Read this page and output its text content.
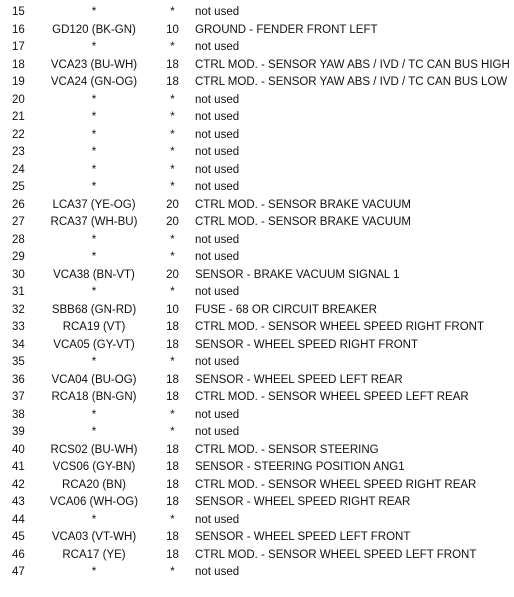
15	*	*	not used
16	GD120 (BK-GN)	10	GROUND - FENDER FRONT LEFT
17	*	*	not used
18	VCA23 (BU-WH)	18	CTRL MOD. - SENSOR YAW ABS / IVD / TC CAN BUS HIGH
19	VCA24 (GN-OG)	18	CTRL MOD. - SENSOR YAW ABS / IVD / TC CAN BUS LOW
20	*	*	not used
21	*	*	not used
22	*	*	not used
23	*	*	not used
24	*	*	not used
25	*	*	not used
26	LCA37 (YE-OG)	20	CTRL MOD. - SENSOR BRAKE VACUUM
27	RCA37 (WH-BU)	20	CTRL MOD. - SENSOR BRAKE VACUUM
28	*	*	not used
29	*	*	not used
30	VCA38 (BN-VT)	20	SENSOR - BRAKE VACUUM SIGNAL 1
31	*	*	not used
32	SBB68 (GN-RD)	10	FUSE - 68 OR CIRCUIT BREAKER
33	RCA19 (VT)	18	CTRL MOD. - SENSOR WHEEL SPEED RIGHT FRONT
34	VCA05 (GY-VT)	18	SENSOR - WHEEL SPEED RIGHT FRONT
35	*	*	not used
36	VCA04 (BU-OG)	18	SENSOR - WHEEL SPEED LEFT REAR
37	RCA18 (BN-GN)	18	CTRL MOD. - SENSOR WHEEL SPEED LEFT REAR
38	*	*	not used
39	*	*	not used
40	RCS02 (BU-WH)	18	CTRL MOD. - SENSOR STEERING
41	VCS06 (GY-BN)	18	SENSOR - STEERING POSITION ANG1
42	RCA20 (BN)	18	CTRL MOD. - SENSOR WHEEL SPEED RIGHT REAR
43	VCA06 (WH-OG)	18	SENSOR - WHEEL SPEED RIGHT REAR
44	*	*	not used
45	VCA03 (VT-WH)	18	SENSOR - WHEEL SPEED LEFT FRONT
46	RCA17 (YE)	18	CTRL MOD. - SENSOR WHEEL SPEED LEFT FRONT
47	*	*	not used
